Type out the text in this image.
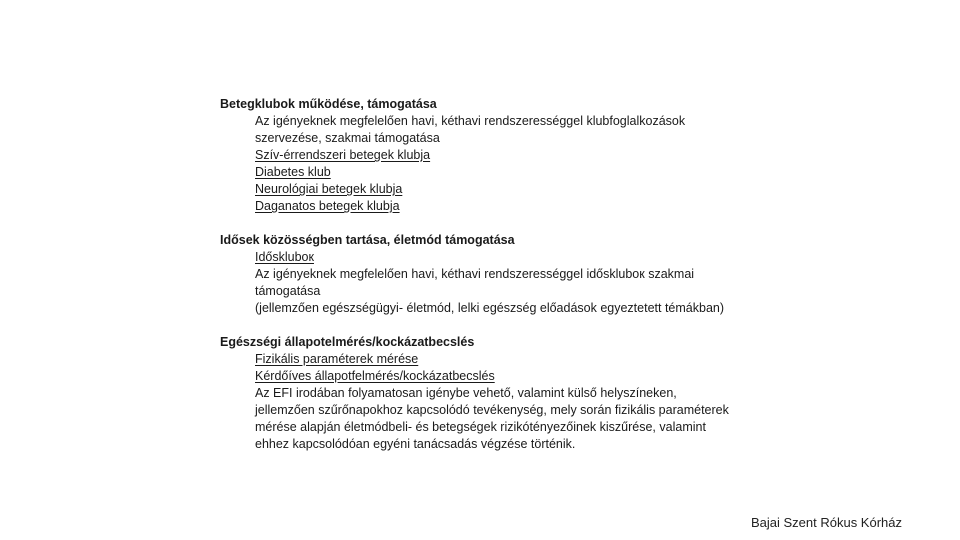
Betegklubok működése, támogatása
Az igényeknek megfelelően havi, kéthavi rendszerességgel klubfoglalkozások
szervezése, szakmai támogatása
Szív-érrendszeri betegek klubja
Diabetes klub
Neurológiai betegek klubja
Daganatos betegek klubja
Idősek közösségben tartása, életmód támogatása
Időskluboк
Az igényeknek megfelelően havi, kéthavi rendszerességgel időskluboк szakmai
támogatása
(jellemzően egészségügyi- életmód, lelki egészség előadások egyeztetett témákban)
Egészségi állapotelmérés/kockázatbecslés
Fizikális paraméterek mérése
Kérdőíves állapotfelmérés/kockázatbecslés
Az EFI irodában folyamatosan igénybe vehető, valamint külső helyszíneken,
jellemzően szűrőnapokhoz kapcsolódó tevékenység, mely során fizikális paraméterek
mérése alapján életmódbeli- és betegségek rizikótényezőinek kiszűrése, valamint
ehhez kapcsolódóan egyéni tanácsadás végzése történik.
Bajai Szent Rókus Kórház
